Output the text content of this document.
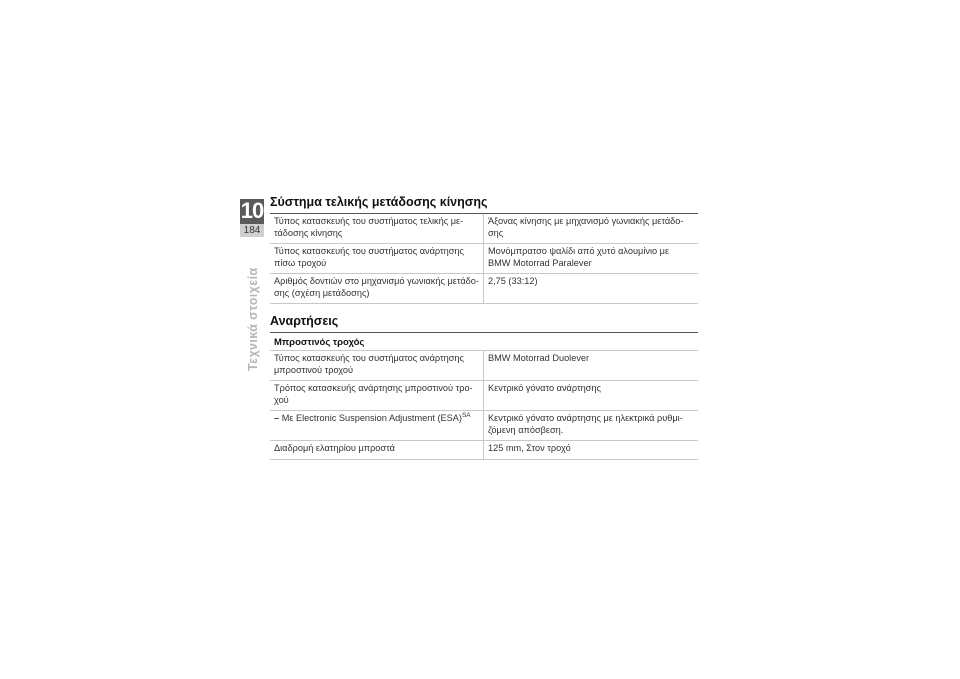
10
184
Τεχνικά στοιχεία
Σύστημα τελικής μετάδοσης κίνησης
Τύπος κατασκευής του συστήματος τελικής με-τάδοσης κίνησης	Άξονας κίνησης με μηχανισμό γωνιακής μετάδο-σης
Τύπος κατασκευής του συστήματος ανάρτησης πίσω τροχού	Μονόμπρατσο ψαλίδι από χυτό αλουμίνιο με BMW Motorrad Paralever
Αριθμός δοντιών στο μηχανισμό γωνιακής μετάδο-σης (σχέση μετάδοσης)	2,75 (33:12)
Αναρτήσεις
Μπροστινός τροχός
Τύπος κατασκευής του συστήματος ανάρτησης μπροστινού τροχού	BMW Motorrad Duolever
Τρόπος κατασκευής ανάρτησης μπροστινού τρο-χού	Κεντρικό γόνατο ανάρτησης
– Με Electronic Suspension Adjustment (ESA)$^{SA}$	Κεντρικό γόνατο ανάρτησης με ηλεκτρικά ρυθμι-ζόμενη απόσβεση.
Διαδρομή ελατηρίου μπροστά	125 mm, Στον τροχό
